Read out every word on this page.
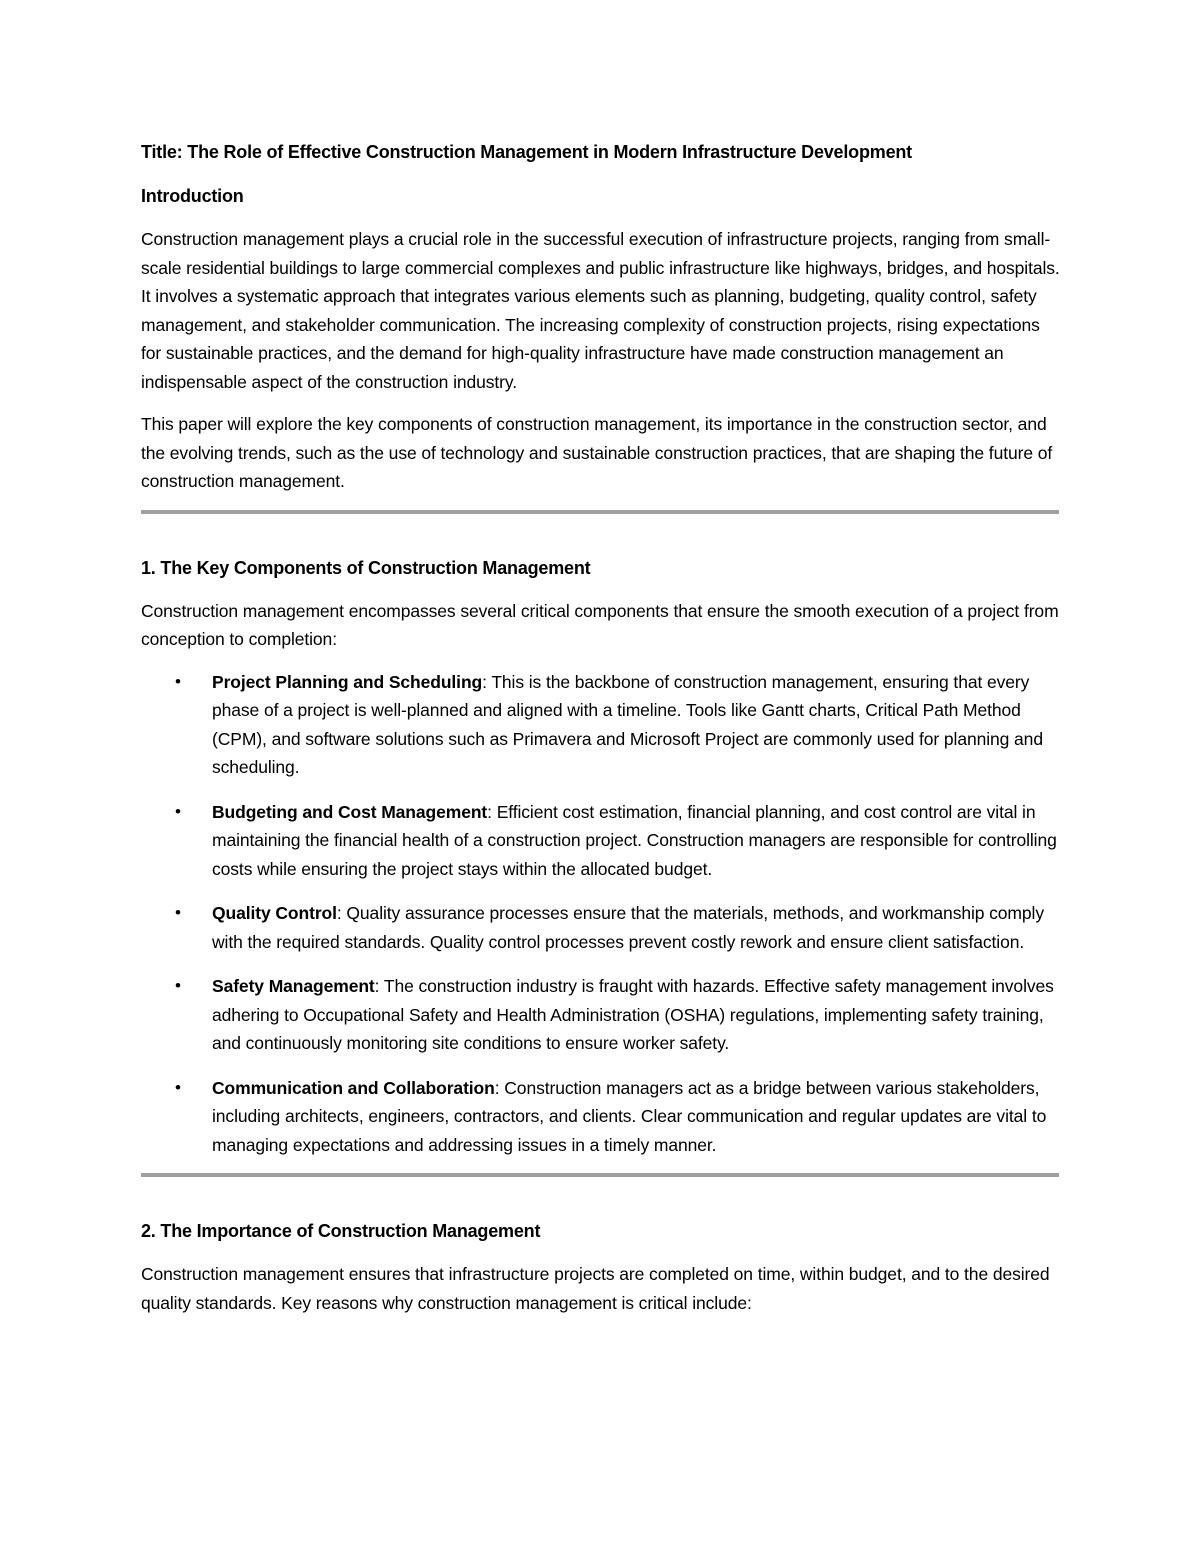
Title: The Role of Effective Construction Management in Modern Infrastructure Development

Introduction

Construction management plays a crucial role in the successful execution of infrastructure projects, ranging from small-scale residential buildings to large commercial complexes and public infrastructure like highways, bridges, and hospitals. It involves a systematic approach that integrates various elements such as planning, budgeting, quality control, safety management, and stakeholder communication. The increasing complexity of construction projects, rising expectations for sustainable practices, and the demand for high-quality infrastructure have made construction management an indispensable aspect of the construction industry.

This paper will explore the key components of construction management, its importance in the construction sector, and the evolving trends, such as the use of technology and sustainable construction practices, that are shaping the future of construction management.

1. The Key Components of Construction Management

Construction management encompasses several critical components that ensure the smooth execution of a project from conception to completion:

• Project Planning and Scheduling: This is the backbone of construction management, ensuring that every phase of a project is well-planned and aligned with a timeline. Tools like Gantt charts, Critical Path Method (CPM), and software solutions such as Primavera and Microsoft Project are commonly used for planning and scheduling.
• Budgeting and Cost Management: Efficient cost estimation, financial planning, and cost control are vital in maintaining the financial health of a construction project. Construction managers are responsible for controlling costs while ensuring the project stays within the allocated budget.
• Quality Control: Quality assurance processes ensure that the materials, methods, and workmanship comply with the required standards. Quality control processes prevent costly rework and ensure client satisfaction.
• Safety Management: The construction industry is fraught with hazards. Effective safety management involves adhering to Occupational Safety and Health Administration (OSHA) regulations, implementing safety training, and continuously monitoring site conditions to ensure worker safety.
• Communication and Collaboration: Construction managers act as a bridge between various stakeholders, including architects, engineers, contractors, and clients. Clear communication and regular updates are vital to managing expectations and addressing issues in a timely manner.

2. The Importance of Construction Management

Construction management ensures that infrastructure projects are completed on time, within budget, and to the desired quality standards. Key reasons why construction management is critical include:
